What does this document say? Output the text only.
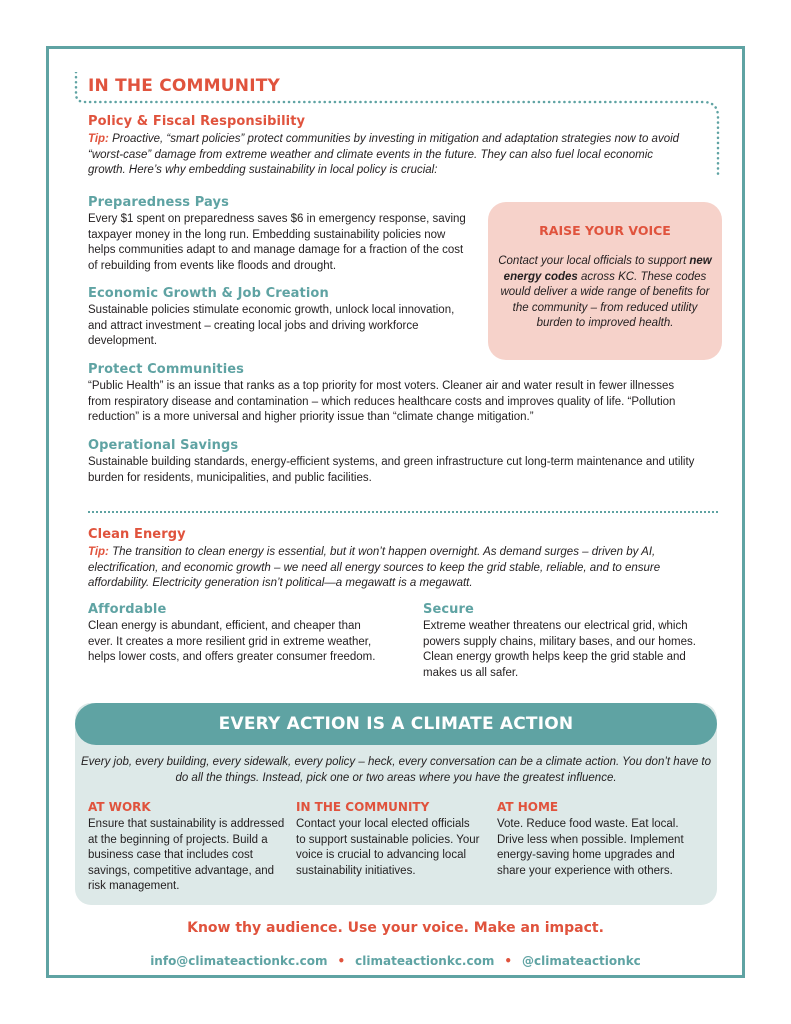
IN THE COMMUNITY
Policy & Fiscal Responsibility
Tip: Proactive, “smart policies” protect communities by investing in mitigation and adaptation strategies now to avoid “worst-case” damage from extreme weather and climate events in the future. They can also fuel local economic growth. Here’s why embedding sustainability in local policy is crucial:
Preparedness Pays
Every $1 spent on preparedness saves $6 in emergency response, saving taxpayer money in the long run. Embedding sustainability policies now helps communities adapt to and manage damage for a fraction of the cost of rebuilding from events like floods and drought.
Economic Growth & Job Creation
Sustainable policies stimulate economic growth, unlock local innovation, and attract investment – creating local jobs and driving workforce development.
RAISE YOUR VOICE
Contact your local officials to support new energy codes across KC. These codes would deliver a wide range of benefits for the community – from reduced utility burden to improved health.
Protect Communities
“Public Health” is an issue that ranks as a top priority for most voters. Cleaner air and water result in fewer illnesses from respiratory disease and contamination – which reduces healthcare costs and improves quality of life. “Pollution reduction” is a more universal and higher priority issue than “climate change mitigation.”
Operational Savings
Sustainable building standards, energy-efficient systems, and green infrastructure cut long-term maintenance and utility burden for residents, municipalities, and public facilities.
Clean Energy
Tip: The transition to clean energy is essential, but it won’t happen overnight. As demand surges – driven by AI, electrification, and economic growth – we need all energy sources to keep the grid stable, reliable, and to ensure affordability. Electricity generation isn’t political—a megawatt is a megawatt.
Affordable
Clean energy is abundant, efficient, and cheaper than ever. It creates a more resilient grid in extreme weather, helps lower costs, and offers greater consumer freedom.
Secure
Extreme weather threatens our electrical grid, which powers supply chains, military bases, and our homes. Clean energy growth helps keep the grid stable and makes us all safer.
EVERY ACTION IS A CLIMATE ACTION
Every job, every building, every sidewalk, every policy – heck, every conversation can be a climate action. You don’t have to do all the things. Instead, pick one or two areas where you have the greatest influence.
AT WORK
Ensure that sustainability is addressed at the beginning of projects. Build a business case that includes cost savings, competitive advantage, and risk management.
IN THE COMMUNITY
Contact your local elected officials to support sustainable policies. Your voice is crucial to advancing local sustainability initiatives.
AT HOME
Vote. Reduce food waste. Eat local. Drive less when possible. Implement energy-saving home upgrades and share your experience with others.
Know thy audience. Use your voice. Make an impact.
info@climateactionkc.com • climateactionkc.com • @climateactionkc
